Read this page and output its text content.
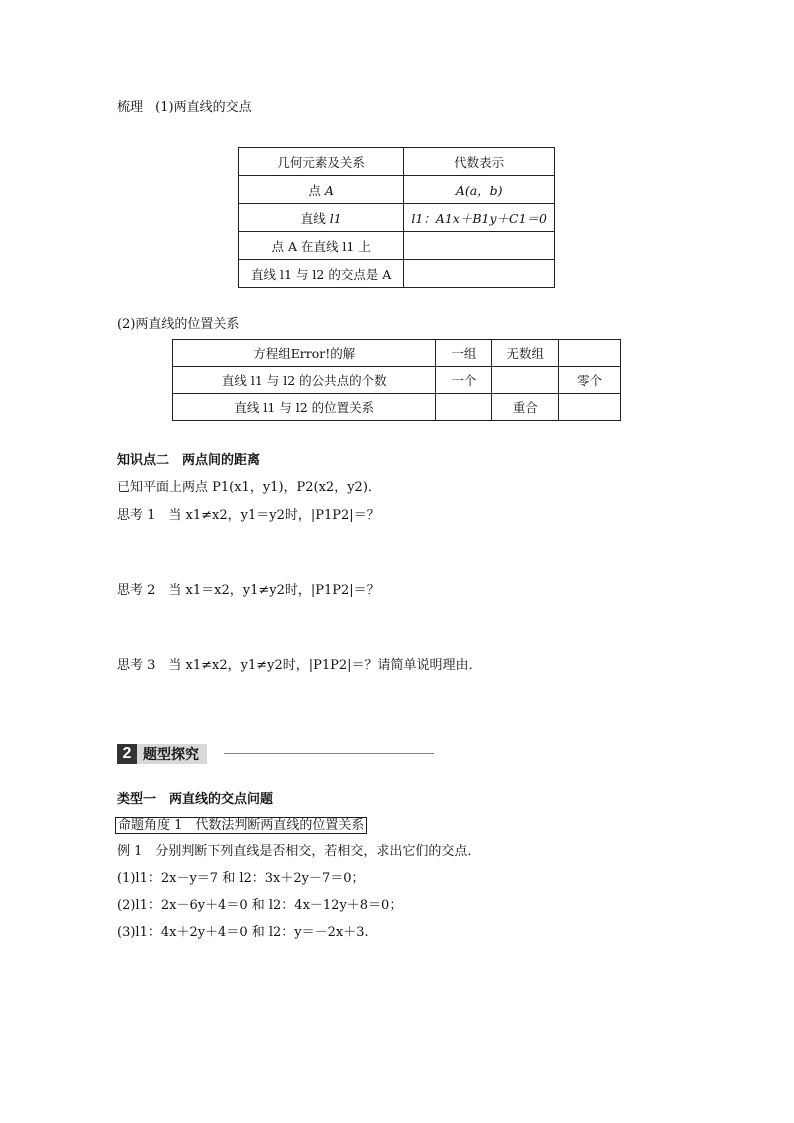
梳理 (1)两直线的交点
几何元素及关系	代数表示
点 A	A(a，b)
直线 l1	l1：A1x＋B1y＋C1＝0
点 A 在直线 l1 上	
直线 l1 与 l2 的交点是 A	
(2)两直线的位置关系
方程组Error!的解	一组	无数组	
直线 l1 与 l2 的公共点的个数	一个		零个
直线 l1 与 l2 的位置关系		重合	
知识点二　两点间的距离
已知平面上两点 P1(x1，y1)，P2(x2，y2)．
思考 1　当 x1≠x2，y1＝y2时，|P1P2|＝？
思考 2　当 x1＝x2，y1≠y2时，|P1P2|＝？
思考 3　当 x1≠x2，y1≠y2时，|P1P2|＝？请简单说明理由．
2 题型探究
类型一　两直线的交点问题
命题角度 1　代数法判断两直线的位置关系
例 1　分别判断下列直线是否相交，若相交，求出它们的交点．
(1)l1：2x－y＝7 和 l2：3x＋2y－7＝0；
(2)l1：2x－6y＋4＝0 和 l2：4x－12y＋8＝0；
(3)l1：4x＋2y＋4＝0 和 l2：y＝－2x＋3.
